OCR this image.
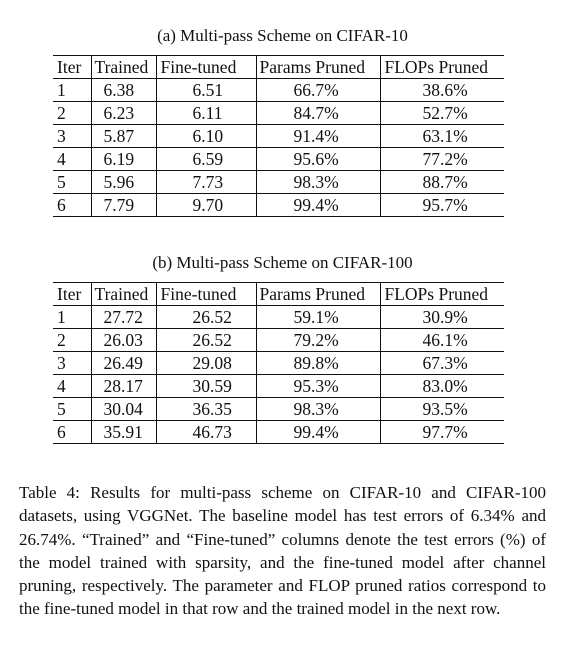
(a) Multi-pass Scheme on CIFAR-10
Iter	Trained	Fine-tuned	Params Pruned	FLOPs Pruned
1	6.38	6.51	66.7%	38.6%
2	6.23	6.11	84.7%	52.7%
3	5.87	6.10	91.4%	63.1%
4	6.19	6.59	95.6%	77.2%
5	5.96	7.73	98.3%	88.7%
6	7.79	9.70	99.4%	95.7%
(b) Multi-pass Scheme on CIFAR-100
Iter	Trained	Fine-tuned	Params Pruned	FLOPs Pruned
1	27.72	26.52	59.1%	30.9%
2	26.03	26.52	79.2%	46.1%
3	26.49	29.08	89.8%	67.3%
4	28.17	30.59	95.3%	83.0%
5	30.04	36.35	98.3%	93.5%
6	35.91	46.73	99.4%	97.7%
Table 4: Results for multi-pass scheme on CIFAR-10 and CIFAR-100 datasets, using VGGNet. The baseline model has test errors of 6.34% and 26.74%. “Trained” and “Fine-tuned” columns denote the test errors (%) of the model trained with sparsity, and the fine-tuned model after channel pruning, respectively. The parameter and FLOP pruned ratios correspond to the fine-tuned model in that row and the trained model in the next row.
